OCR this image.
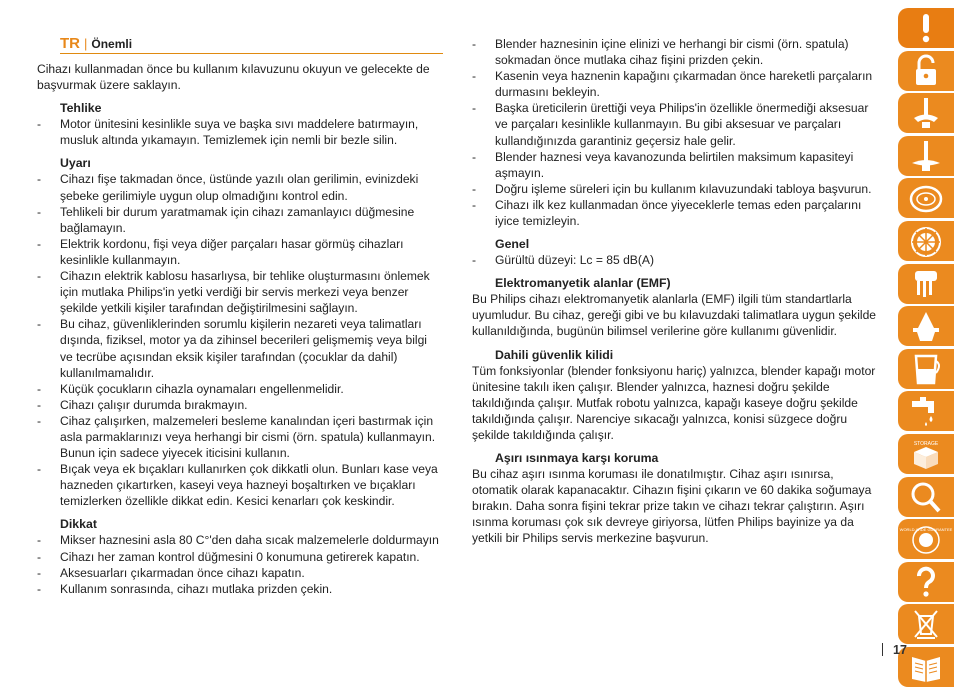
TR | Önemli

Cihazı kullanmadan önce bu kullanım kılavuzunu okuyun ve gelecekte de başvurmak üzere saklayın.

Tehlike
- Motor ünitesini kesinlikle suya ve başka sıvı maddelere batırmayın, musluk altında yıkamayın. Temizlemek için nemli bir bezle silin.
Uyarı
- Cihazı fişe takmadan önce, üstünde yazılı olan gerilimin, evinizdeki şebeke gerilimiyle uygun olup olmadığını kontrol edin.
- Tehlikeli bir durum yaratmamak için cihazı zamanlayıcı düğmesine bağlamayın.
- Elektrik kordonu, fişi veya diğer parçaları hasar görmüş cihazları kesinlikle kullanmayın.
- Cihazın elektrik kablosu hasarlıysa, bir tehlike oluşturmasını önlemek için mutlaka Philips'in yetki verdiği bir servis merkezi veya benzer şekilde yetkili kişiler tarafından değiştirilmesini sağlayın.
- Bu cihaz, güvenliklerinden sorumlu kişilerin nezareti veya talimatları dışında, fiziksel, motor ya da zihinsel becerileri gelişmemiş veya bilgi ve tecrübe açısından eksik kişiler tarafından (çocuklar da dahil) kullanılmamalıdır.
- Küçük çocukların cihazla oynamaları engellenmelidir.
- Cihazı çalışır durumda bırakmayın.
- Cihaz çalışırken, malzemeleri besleme kanalından içeri bastırmak için asla parmaklarınızı veya herhangi bir cismi (örn. spatula) kullanmayın. Bunun için sadece yiyecek iticisini kullanın.
- Bıçak veya ek bıçakları kullanırken çok dikkatli olun. Bunları kase veya hazneden çıkartırken, kaseyi veya hazneyi boşaltırken ve bıçakları temizlerken özellikle dikkat edin. Kesici kenarları çok keskindir.
Dikkat
- Mikser haznesini asla 80 C°'den daha sıcak malzemelerle doldurmayın
- Cihazı her zaman kontrol düğmesini 0 konumuna getirerek kapatın.
- Aksesuarları çıkarmadan önce cihazı kapatın.
- Kullanım sonrasında, cihazı mutlaka prizden çekin.
- Blender haznesinin içine elinizi ve herhangi bir cismi (örn. spatula) sokmadan önce mutlaka cihaz fişini prizden çekin.
- Kasenin veya haznenin kapağını çıkarmadan önce hareketli parçaların durmasını bekleyin.
- Başka üreticilerin ürettiği veya Philips'in özellikle önermediği aksesuar ve parçaları kesinlikle kullanmayın. Bu gibi aksesuar ve parçaları kullandığınızda garantiniz geçersiz hale gelir.
- Blender haznesi veya kavanozunda belirtilen maksimum kapasiteyi aşmayın.
- Doğru işleme süreleri için bu kullanım kılavuzundaki tabloya başvurun.
- Cihazı ilk kez kullanmadan önce yiyeceklerle temas eden parçalarını iyice temizleyin.
Genel
- Gürültü düzeyi: Lc = 85 dB(A)
Elektromanyetik alanlar (EMF)

Bu Philips cihazı elektromanyetik alanlarla (EMF) ilgili tüm standartlarla uyumludur. Bu cihaz, gereği gibi ve bu kılavuzdaki talimatlara uygun şekilde kullanıldığında, bugünün bilimsel verilerine göre kullanımı güvenlidir.

Dahili güvenlik kilidi

Tüm fonksiyonlar (blender fonksiyonu hariç) yalnızca, blender kapağı motor ünitesine takılı iken çalışır. Blender yalnızca, haznesi doğru şekilde takıldığında çalışır. Mutfak robotu yalnızca, kapağı kaseye doğru şekilde takıldığında çalışır. Narenciye sıkacağı yalnızca, konisi süzgece doğru şekilde takıldığında çalışır.

Aşırı ısınmaya karşı koruma

Bu cihaz aşırı ısınma koruması ile donatılmıştır. Cihaz aşırı ısınırsa, otomatik olarak kapanacaktır. Cihazın fişini çıkarın ve 60 dakika soğumaya bırakın. Daha sonra fişini tekrar prize takın ve cihazı tekrar çalıştırın. Aşırı ısınma koruması çok sık devreye giriyorsa, lütfen Philips bayinize ya da yetkili bir Philips servis merkezine başvurun.

STORAGE
WORLD-WIDE GUARANTEE
17
